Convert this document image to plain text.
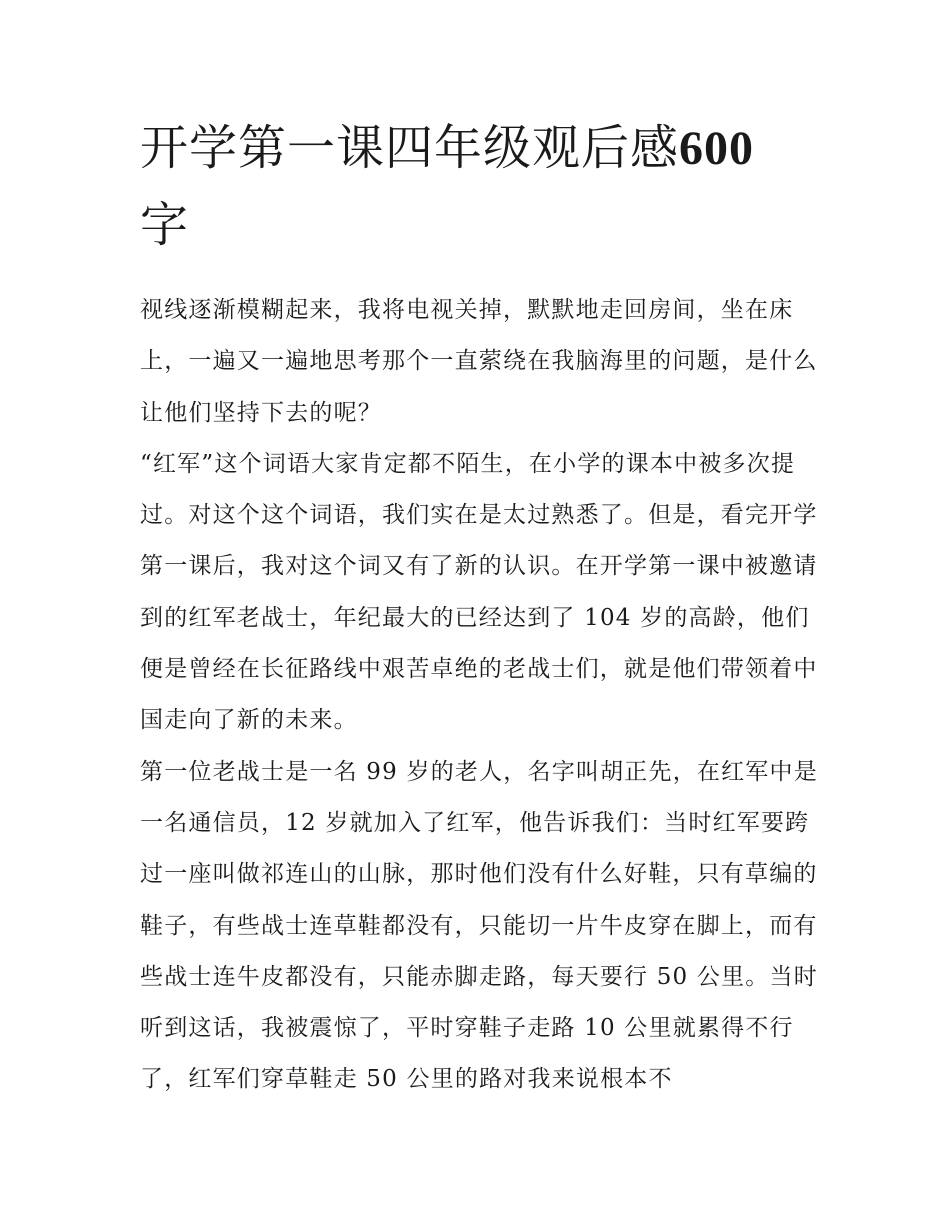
开学第一课四年级观后感600
字

视线逐渐模糊起来，我将电视关掉，默默地走回房间，坐在床上，一遍又一遍地思考那个一直萦绕在我脑海里的问题，是什么让他们坚持下去的呢？

“红军”这个词语大家肯定都不陌生，在小学的课本中被多次提过。对这个这个词语，我们实在是太过熟悉了。但是，看完开学第一课后，我对这个词又有了新的认识。在开学第一课中被邀请到的红军老战士，年纪最大的已经达到了 104 岁的高龄，他们便是曾经在长征路线中艰苦卓绝的老战士们，就是他们带领着中国走向了新的未来。

第一位老战士是一名 99 岁的老人，名字叫胡正先，在红军中是一名通信员，12 岁就加入了红军，他告诉我们：当时红军要跨过一座叫做祁连山的山脉，那时他们没有什么好鞋，只有草编的鞋子，有些战士连草鞋都没有，只能切一片牛皮穿在脚上，而有些战士连牛皮都没有，只能赤脚走路，每天要行 50 公里。当时听到这话，我被震惊了，平时穿鞋子走路 10 公里就累得不行了，红军们穿草鞋走 50 公里的路对我来说根本不
